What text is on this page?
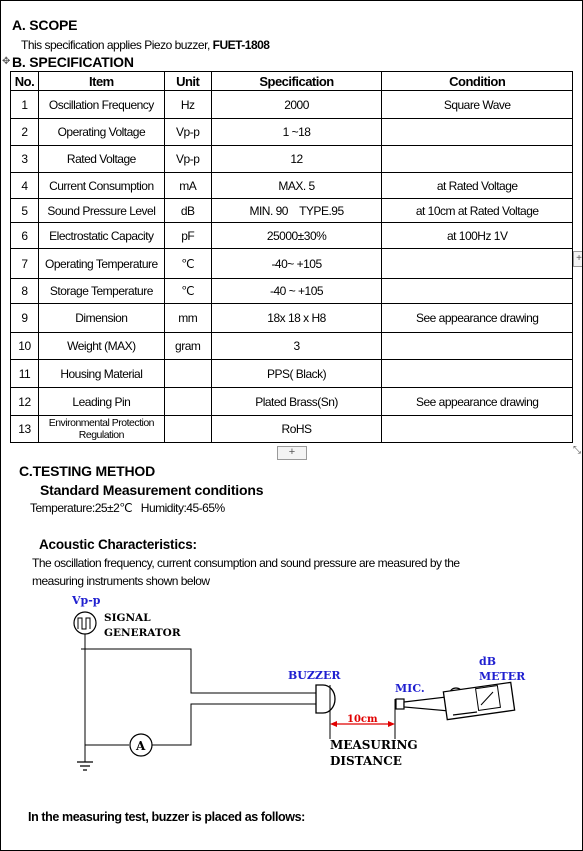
A. SCOPE
This specification applies Piezo buzzer, FUET-1808
B. SPECIFICATION
✥
No.	Item	Unit	Specification	Condition
1	Oscillation Frequency	Hz	2000	Square Wave
2	Operating Voltage	Vp-p	1 ~18	
3	Rated Voltage	Vp-p	12	
4	Current Consumption	mA	MAX. 5	at Rated Voltage
5	Sound Pressure Level	dB	MIN. 90    TYPE.95	at 10cm at Rated Voltage
6	Electrostatic Capacity	pF	25000±30%	at 100Hz 1V
7	Operating Temperature	℃	-40~ +105	
8	Storage Temperature	℃	-40 ~ +105	
9	Dimension	mm	18x 18 x H8	See appearance drawing
10	Weight (MAX)	gram	3	
11	Housing Material		PPS( Black)	
12	Leading Pin		Plated Brass(Sn)	See appearance drawing
13	Environmental Protection Regulation		RoHS	
+
+
⤡
C.TESTING METHOD
Standard Measurement conditions
Temperature:25±2℃   Humidity:45-65%
Acoustic Characteristics:
The oscillation frequency, current consumption and sound pressure are measured by the
measuring instruments shown below
Vp-p
SIGNAL
GENERATOR
A
BUZZER
10cm
MEASURING
DISTANCE
MIC.
dB
METER
In the measuring test, buzzer is placed as follows:
